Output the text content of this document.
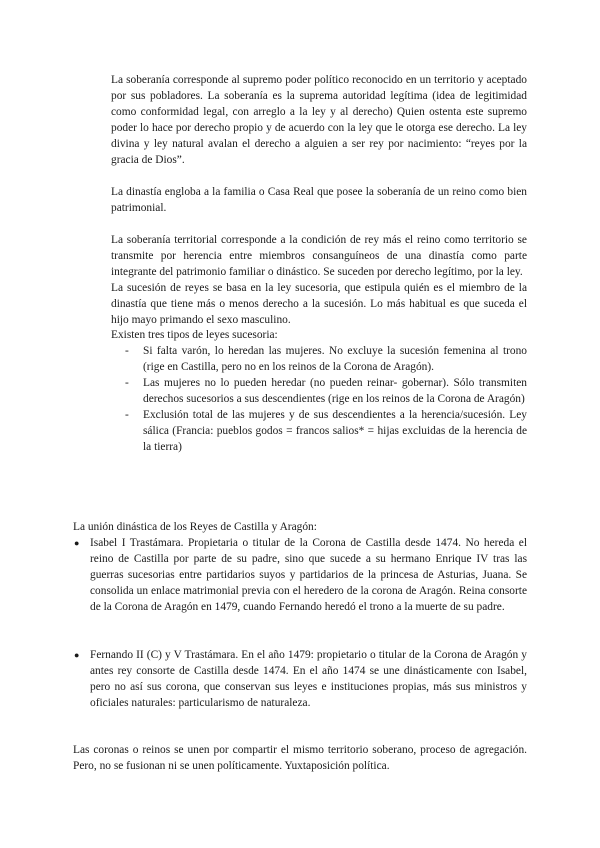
La soberanía corresponde al supremo poder político reconocido en un territorio y aceptado por sus pobladores. La soberanía es la suprema autoridad legítima (idea de legitimidad como conformidad legal, con arreglo a la ley y al derecho) Quien ostenta este supremo poder lo hace por derecho propio y de acuerdo con la ley que le otorga ese derecho. La ley divina y ley natural avalan el derecho a alguien a ser rey por nacimiento: “reyes por la gracia de Dios”.

La dinastía engloba a la familia o Casa Real que posee la soberanía de un reino como bien patrimonial.

La soberanía territorial corresponde a la condición de rey más el reino como territorio se transmite por herencia entre miembros consanguíneos de una dinastía como parte integrante del patrimonio familiar o dinástico. Se suceden por derecho legítimo, por la ley.

La sucesión de reyes se basa en la ley sucesoria, que estipula quién es el miembro de la dinastía que tiene más o menos derecho a la sucesión. Lo más habitual es que suceda el hijo mayo primando el sexo masculino.

Existen tres tipos de leyes sucesoria:

- Si falta varón, lo heredan las mujeres. No excluye la sucesión femenina al trono (rige en Castilla, pero no en los reinos de la Corona de Aragón).
- Las mujeres no lo pueden heredar (no pueden reinar- gobernar). Sólo transmiten derechos sucesorios a sus descendientes (rige en los reinos de la Corona de Aragón)
- Exclusión total de las mujeres y de sus descendientes a la herencia/sucesión. Ley sálica (Francia: pueblos godos = francos salios* = hijas excluidas de la herencia de la tierra)

La unión dinástica de los Reyes de Castilla y Aragón:

● Isabel I Trastámara. Propietaria o titular de la Corona de Castilla desde 1474. No hereda el reino de Castilla por parte de su padre, sino que sucede a su hermano Enrique IV tras las guerras sucesorias entre partidarios suyos y partidarios de la princesa de Asturias, Juana. Se consolida un enlace matrimonial previa con el heredero de la corona de Aragón. Reina consorte de la Corona de Aragón en 1479, cuando Fernando heredó el trono a la muerte de su padre.
● Fernando II (C) y V Trastámara. En el año 1479: propietario o titular de la Corona de Aragón y antes rey consorte de Castilla desde 1474. En el año 1474 se une dinásticamente con Isabel, pero no así sus corona, que conservan sus leyes e instituciones propias, más sus ministros y oficiales naturales: particularismo de naturaleza.

Las coronas o reinos se unen por compartir el mismo territorio soberano, proceso de agregación. Pero, no se fusionan ni se unen políticamente. Yuxtaposición política.
